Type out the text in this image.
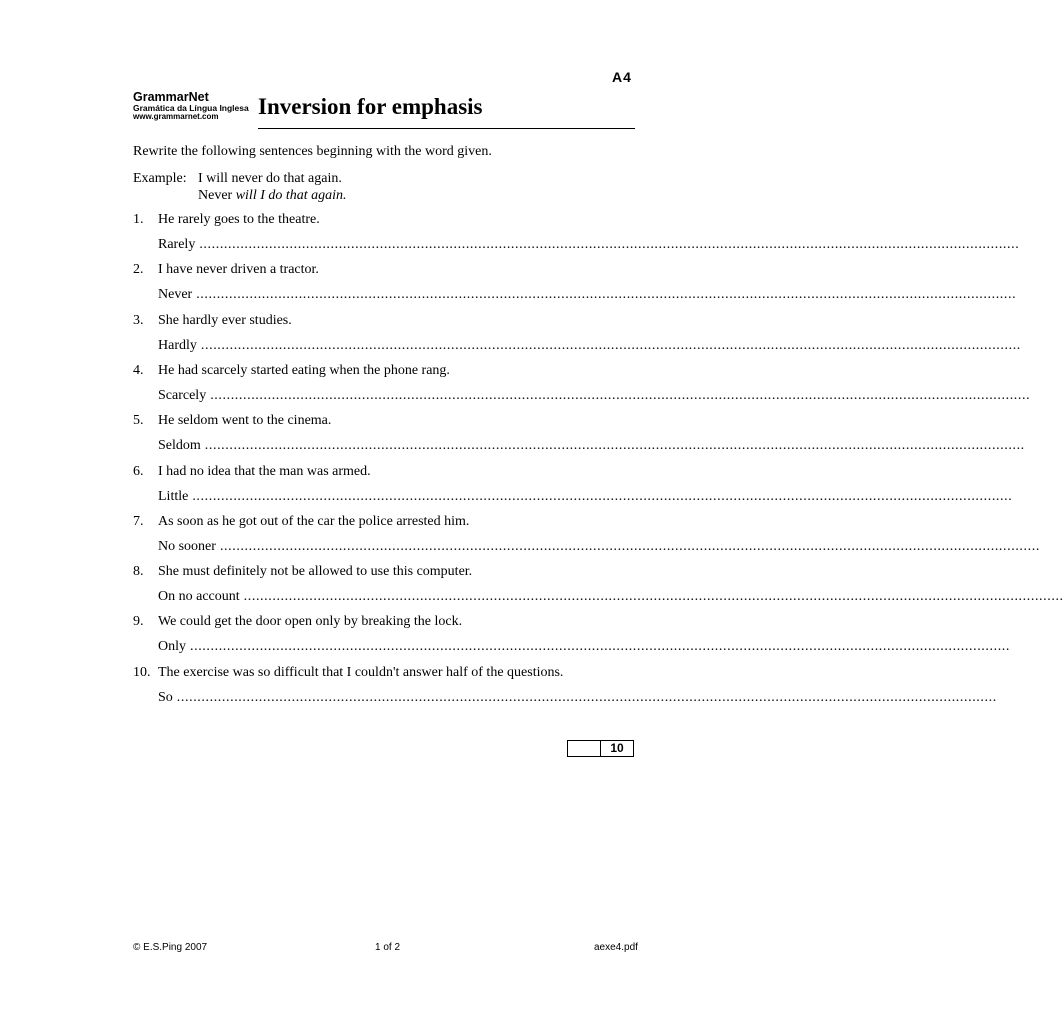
A4
GrammarNet
Gramática da Língua Inglesa
www.grammarnet.com	Inversion for emphasis
Rewrite the following sentences beginning with the word given.
Example: I will never do that again.
Never will I do that again.
1. He rarely goes to the theatre.
Rarely ........................................................................................................................................................................................................
2. I have never driven a tractor.
Never ........................................................................................................................................................................................................
3. She hardly ever studies.
Hardly ........................................................................................................................................................................................................
4. He had scarcely started eating when the phone rang.
Scarcely ........................................................................................................................................................................................................
5. He seldom went to the cinema.
Seldom ........................................................................................................................................................................................................
6. I had no idea that the man was armed.
Little ........................................................................................................................................................................................................
7. As soon as he got out of the car the police arrested him.
No sooner ........................................................................................................................................................................................................
8. She must definitely not be allowed to use this computer.
On no account ........................................................................................................................................................................................................
9. We could get the door open only by breaking the lock.
Only ........................................................................................................................................................................................................
10. The exercise was so difficult that I couldn't answer half of the questions.
So ........................................................................................................................................................................................................
10
© E.S.Ping 2007	1 of 2	aexe4.pdf
